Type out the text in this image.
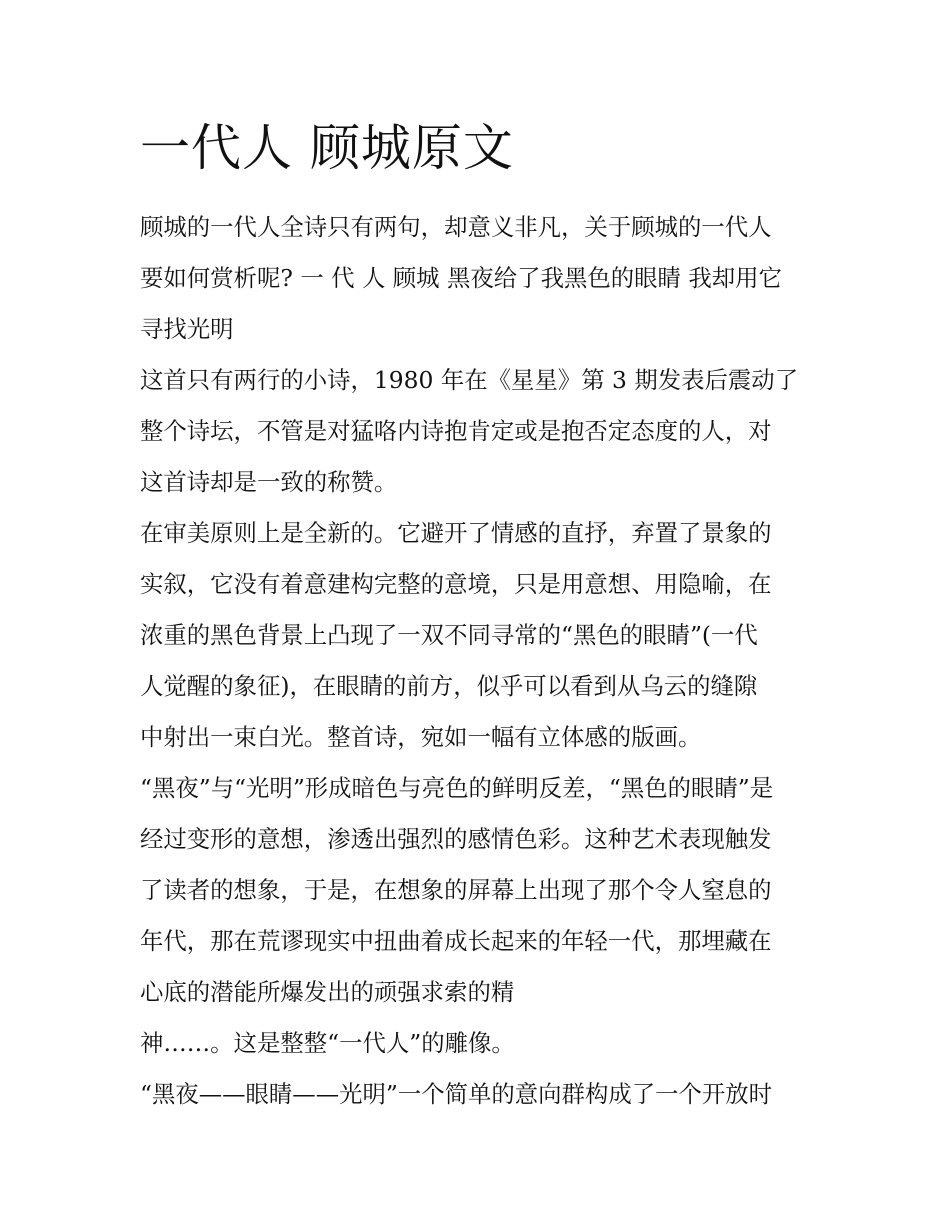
一代人 顾城原文

顾城的一代人全诗只有两句，却意义非凡，关于顾城的一代人
要如何赏析呢? 一 代 人 顾城 黑夜给了我黑色的眼睛 我却用它
寻找光明

这首只有两行的小诗，1980 年在《星星》第 3 期发表后震动了
整个诗坛，不管是对猛咯内诗抱肯定或是抱否定态度的人，对
这首诗却是一致的称赞。

在审美原则上是全新的。它避开了情感的直抒，弃置了景象的
实叙，它没有着意建构完整的意境，只是用意想、用隐喻，在
浓重的黑色背景上凸现了一双不同寻常的“黑色的眼睛”(一代
人觉醒的象征)，在眼睛的前方，似乎可以看到从乌云的缝隙
中射出一束白光。整首诗，宛如一幅有立体感的版画。

“黑夜”与“光明”形成暗色与亮色的鲜明反差，“黑色的眼睛”是
经过变形的意想，渗透出强烈的感情色彩。这种艺术表现触发
了读者的想象，于是，在想象的屏幕上出现了那个令人窒息的
年代，那在荒谬现实中扭曲着成长起来的年轻一代，那埋藏在
心底的潜能所爆发出的顽强求索的精

神……。这是整整“一代人”的雕像。

“黑夜——眼睛——光明”一个简单的意向群构成了一个开放时
